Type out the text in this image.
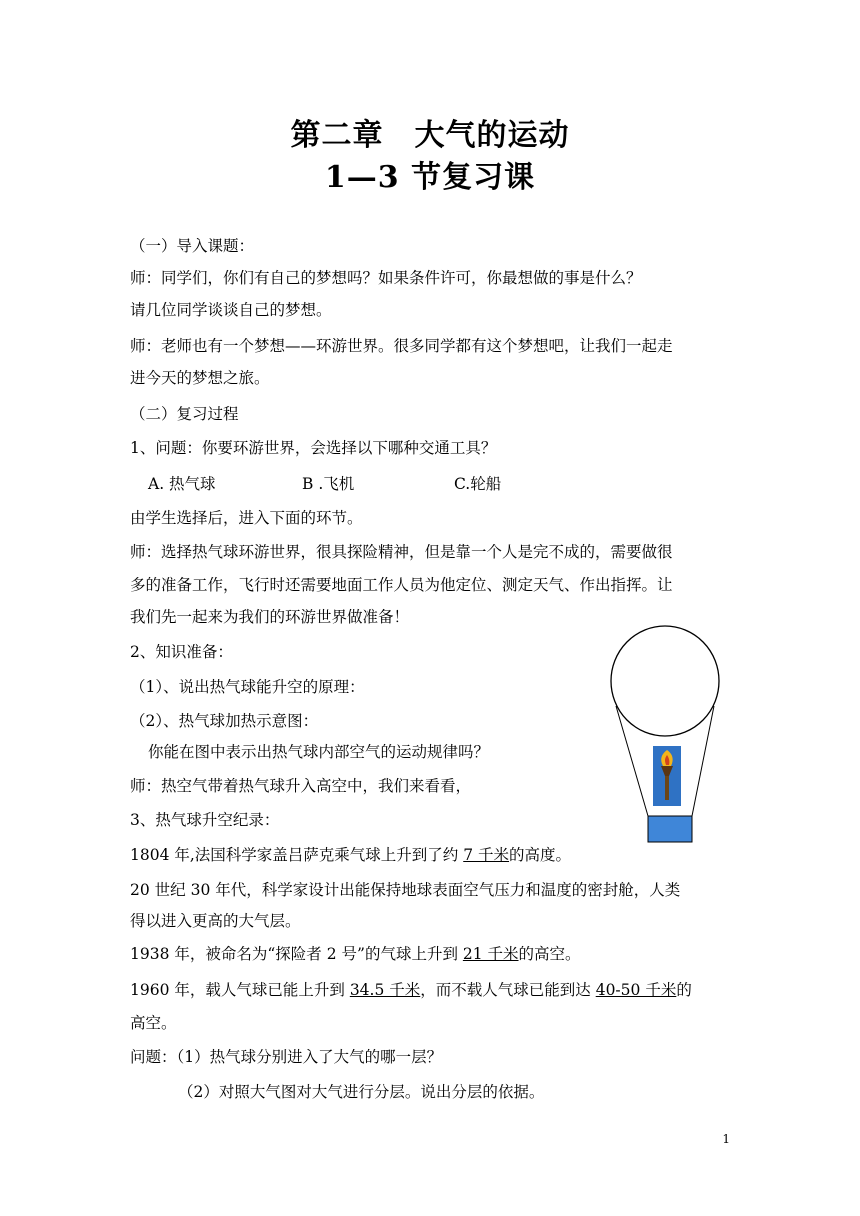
第二章　大气的运动
1—3 节复习课
（一）导入课题：
师：同学们，你们有自己的梦想吗？如果条件许可，你最想做的事是什么？
请几位同学谈谈自己的梦想。
师：老师也有一个梦想——环游世界。很多同学都有这个梦想吧，让我们一起走
进今天的梦想之旅。
（二）复习过程
1、问题：你要环游世界，会选择以下哪种交通工具？
A. 热气球	B .飞机	C.轮船
由学生选择后，进入下面的环节。
师：选择热气球环游世界，很具探险精神，但是靠一个人是完不成的，需要做很
多的准备工作，飞行时还需要地面工作人员为他定位、测定天气、作出指挥。让
我们先一起来为我们的环游世界做准备！
2、知识准备：
（1）、说出热气球能升空的原理：
（2）、热气球加热示意图：
你能在图中表示出热气球内部空气的运动规律吗？
师：热空气带着热气球升入高空中，我们来看看，
3、热气球升空纪录：
1804 年,法国科学家盖吕萨克乘气球上升到了约 7 千米的高度。
20 世纪 30 年代，科学家设计出能保持地球表面空气压力和温度的密封舱，人类
得以进入更高的大气层。
1938 年，被命名为“探险者 2 号”的气球上升到 21 千米的高空。
1960 年，载人气球已能上升到 34.5 千米，而不载人气球已能到达 40-50 千米的
高空。
问题：（1）热气球分别进入了大气的哪一层？
（2）对照大气图对大气进行分层。说出分层的依据。
1
